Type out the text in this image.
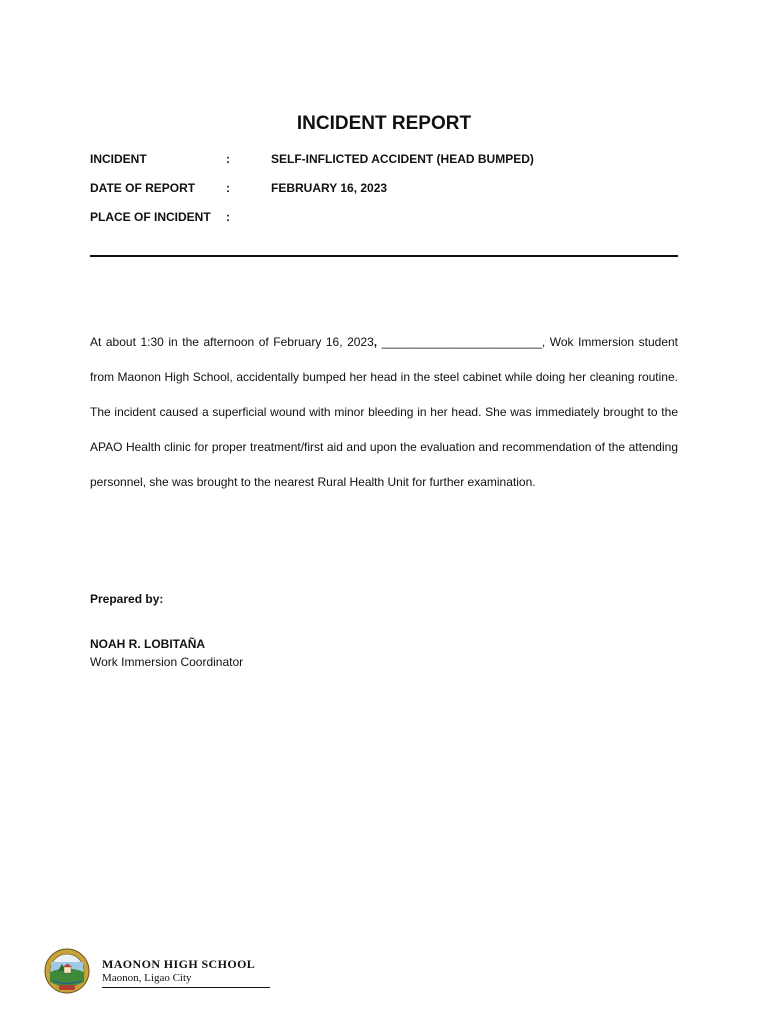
INCIDENT REPORT
INCIDENT	:	SELF-INFLICTED ACCIDENT (HEAD BUMPED)
DATE OF REPORT	:	FEBRUARY 16, 2023
PLACE OF INCIDENT :

At about 1:30 in the afternoon of February 16, 2023, ________________________, Wok Immersion student from Maonon High School, accidentally bumped her head in the steel cabinet while doing her cleaning routine. The incident caused a superficial wound with minor bleeding in her head. She was immediately brought to the APAO Health clinic for proper treatment/first aid and upon the evaluation and recommendation of the attending personnel, she was brought to the nearest Rural Health Unit for further examination.

Prepared by:
NOAH R. LOBITAÑA
Work Immersion Coordinator
MAONON HIGH SCHOOL
Maonon, Ligao City
